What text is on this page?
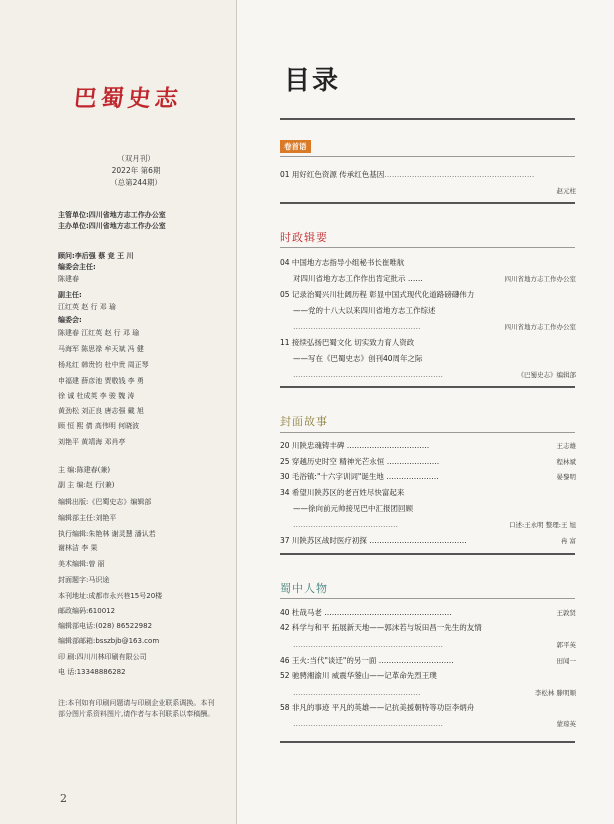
巴蜀史志
（双月刊）
2022年 第6期
（总第244期）
主管单位:四川省地方志工作办公室
主办单位:四川省地方志工作办公室
顾问:李后强 蔡 竞 王 川
编委会主任:
陈建春
副主任:
江红英 赵 行 邓 瑜
编委会:
陈建春 江红英 赵 行 邓 瑜
马海军 陈思祿 牟天斌 冯 健
杨兆红 韩贵钧 杜中贵 周正琴
申福建 薛彦池 贾敬钱 李 勇
徐 诚 杜成英 李 骏 魏 涛
黄劲松 刘正良 唐志强 戴 旭
顾 恒 熙 倩 高伟明 何晓波
刘艳平 黄靖海 邓肖亭
主 编:陈建春(兼)
副 主 编:赵 行(兼)
编辑出版:《巴蜀史志》编辑部
编辑部主任:刘艳平
执行编辑:朱艳林 谢灵慧 潘认若
谢林洁 李 果
美术编辑:曾 丽
封面题字:马识途
本刊地址:成都市永兴巷15号20楼
邮政编码:610012
编辑部电话:(028) 86522982
编辑部邮箱:bsszbjb@163.com
印 刷:四川川林印刷有限公司
电 话:13348886282
注:本刊如有印刷问题请与印刷企业联系调换。本刊部分图片系资料图片,请作者与本刊联系以奉稿酬。
2
目录
卷首语
01 用好红色资源 传承红色基因……………………………………………………
赵元柱
时政辑要
04 中国地方志指导小组秘书长崔唯航
对四川省地方志工作作出肯定批示 ……	四川省地方志工作办公室
05 记录治蜀兴川壮阔历程 彰显中国式现代化道路磅礴伟力
——党的十八大以来四川省地方志工作综述
……………………………………………	四川省地方志工作办公室
11 接续弘扬巴蜀文化 切实致力育人资政
——写在《巴蜀史志》创刊40周年之际
……………………………………………………	《巴蜀史志》编辑部
封面故事
20 川陕忠魂铸丰碑 ……………………………	王志雄
25 穿越历史时空 精神光芒永恒 …………………	程林斌
30 毛浴镇:"十六字训词"诞生地 …………………	晏黎明
34 希望川陕苏区的老百姓尽快富起来
——徐向前元帅接见巴中汇报团回顾
……………………………………	口述:王永明 整理:王 旭
37 川陕苏区战时医疗初探 …………………………………	冉 富
蜀中人物
40 杜哉马老 ……………………………………………	王敦贤
42 科学与和平 拓展新天地——郭沫若与坂田昌一先生的友情
……………………………………………………	郭平英
46 王火:当代"谈迁"的另一面 …………………………	田闻一
52 驰骋湘渝川 威震华蓥山——记革命先烈王璞
……………………………………………	李松林 滕明顺
58 非凡的事迹 平凡的英雄——记抗美援朝特等功臣李炳舟
……………………………………………………	蒙琼英
